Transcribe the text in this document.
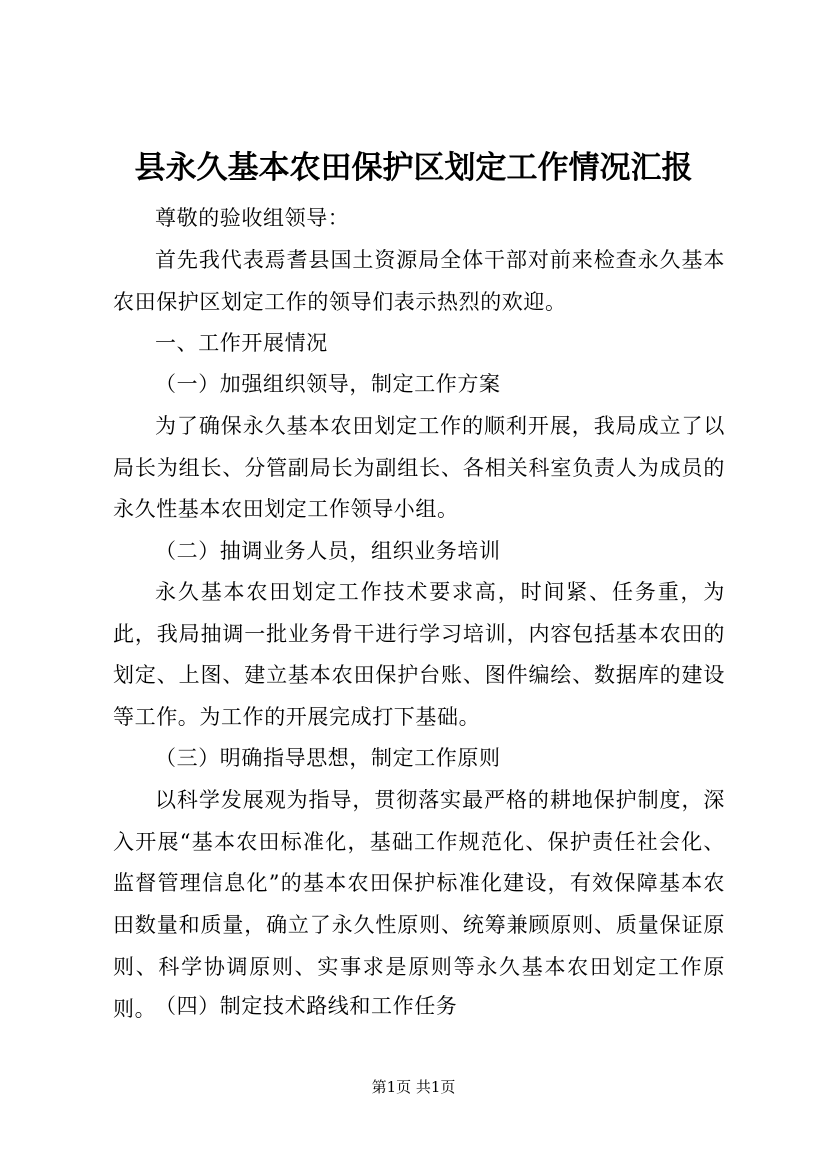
县永久基本农田保护区划定工作情况汇报
尊敬的验收组领导：
首先我代表焉耆县国土资源局全体干部对前来检查永久基本农田保护区划定工作的领导们表示热烈的欢迎。
一、工作开展情况
（一）加强组织领导，制定工作方案
为了确保永久基本农田划定工作的顺利开展，我局成立了以局长为组长、分管副局长为副组长、各相关科室负责人为成员的永久性基本农田划定工作领导小组。
（二）抽调业务人员，组织业务培训
永久基本农田划定工作技术要求高，时间紧、任务重，为此，我局抽调一批业务骨干进行学习培训，内容包括基本农田的划定、上图、建立基本农田保护台账、图件编绘、数据库的建设等工作。为工作的开展完成打下基础。
（三）明确指导思想，制定工作原则
以科学发展观为指导，贯彻落实最严格的耕地保护制度，深入开展“基本农田标准化，基础工作规范化、保护责任社会化、监督管理信息化”的基本农田保护标准化建设，有效保障基本农田数量和质量，确立了永久性原则、统筹兼顾原则、质量保证原则、科学协调原则、实事求是原则等永久基本农田划定工作原则。
（四）制定技术路线和工作任务
第1页 共1页
